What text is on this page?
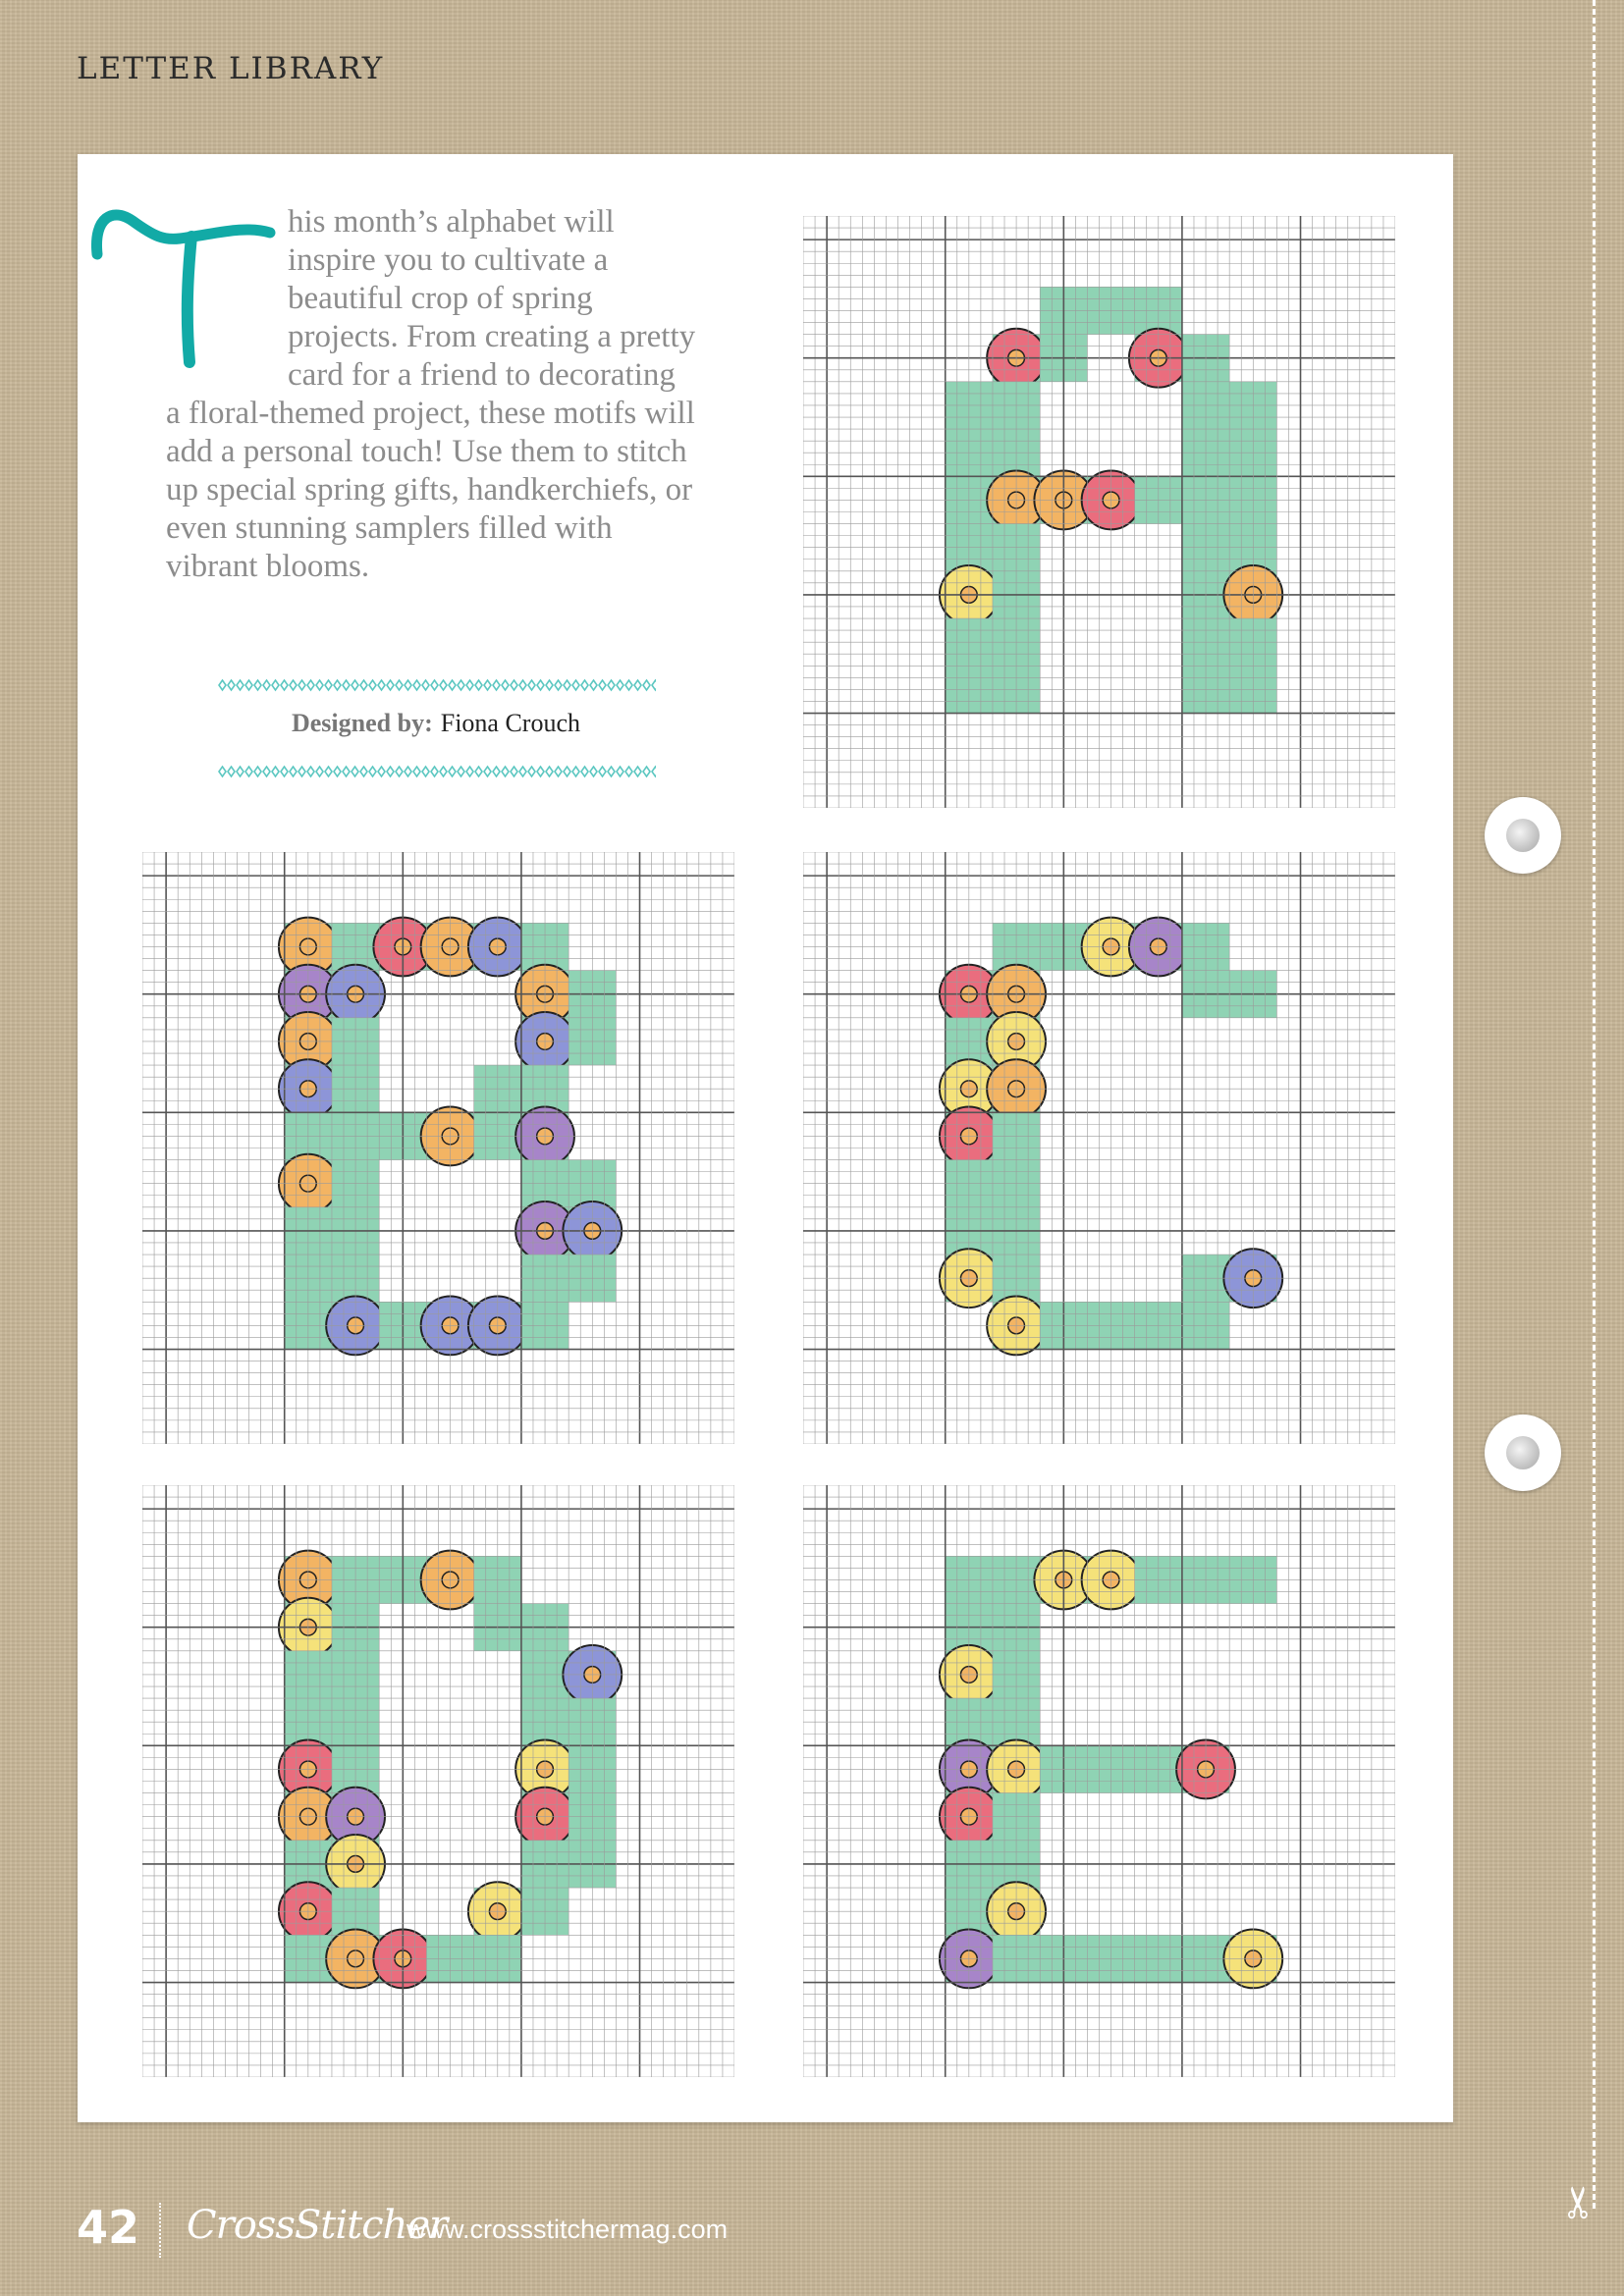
LETTER LIBRARY
his month’s alphabet will inspire you to cultivate a beautiful crop of spring projects. From creating a pretty card for a friend to decorating a floral-themed project, these motifs will add a personal touch! Use them to stitch up special spring gifts, handkerchiefs, or even stunning samplers filled with vibrant blooms.
Designed by: Fiona Crouch
✂
42 CrossStitcher
www.crossstitchermag.com
